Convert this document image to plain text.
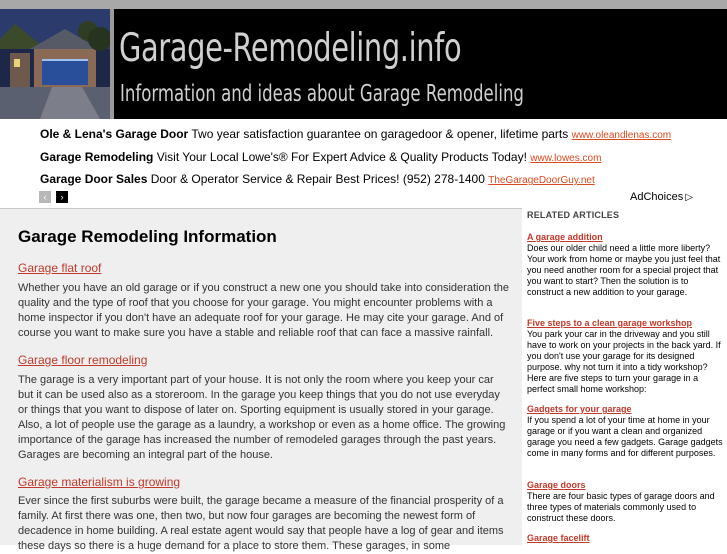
Garage-Remodeling.info
Information and ideas about Garage Remodeling
Ole & Lena's Garage Door Two year satisfaction guarantee on garagedoor & opener, lifetime parts www.oleandlenas.com
Garage Remodeling Visit Your Local Lowe's® For Expert Advice & Quality Products Today! www.lowes.com
Garage Door Sales Door & Operator Service & Repair Best Prices! (952) 278-1400 TheGarageDoorGuy.net
‹	›	AdChoices ▷
Garage Remodeling Information
Garage flat roof
Whether you have an old garage or if you construct a new one you should take into consideration the quality and the type of roof that you choose for your garage. You might encounter problems with a home inspector if you don't have an adequate roof for your garage. He may cite your garage. And of course you want to make sure you have a stable and reliable roof that can face a massive rainfall.
Garage floor remodeling
The garage is a very important part of your house. It is not only the room where you keep your car but it can be used also as a storeroom. In the garage you keep things that you do not use everyday or things that you want to dispose of later on. Sporting equipment is usually stored in your garage. Also, a lot of people use the garage as a laundry, a workshop or even as a home office. The growing importance of the garage has increased the number of remodeled garages through the past years. Garages are becoming an integral part of the house.
Garage materialism is growing
Ever since the first suburbs were built, the garage became a measure of the financial prosperity of a family. At first there was one, then two, but now four garages are becoming the newest form of decadence in home building. A real estate agent would say that people have a log of gear and items these days so there is a huge demand for a place to store them. These garages, in some
RELATED ARTICLES
A garage addition
Does our older child need a little more liberty? Your work from home or maybe you just feel that you need another room for a special project that you want to start? Then the solution is to construct a new addition to your garage.
Five steps to a clean garage workshop
You park your car in the driveway and you still have to work on your projects in the back yard. If you don't use your garage for its designed purpose. why not turn it into a tidy workshop? Here are five steps to turn your garage in a perfect small home workshop:
Gadgets for your garage
If you spend a lot of your time at home in your garage or if you want a clean and organized garage you need a few gadgets. Garage gadgets come in many forms and for different purposes.
Garage doors
There are four basic types of garage doors and three types of materials commonly used to construct these doors.
Garage facelift
